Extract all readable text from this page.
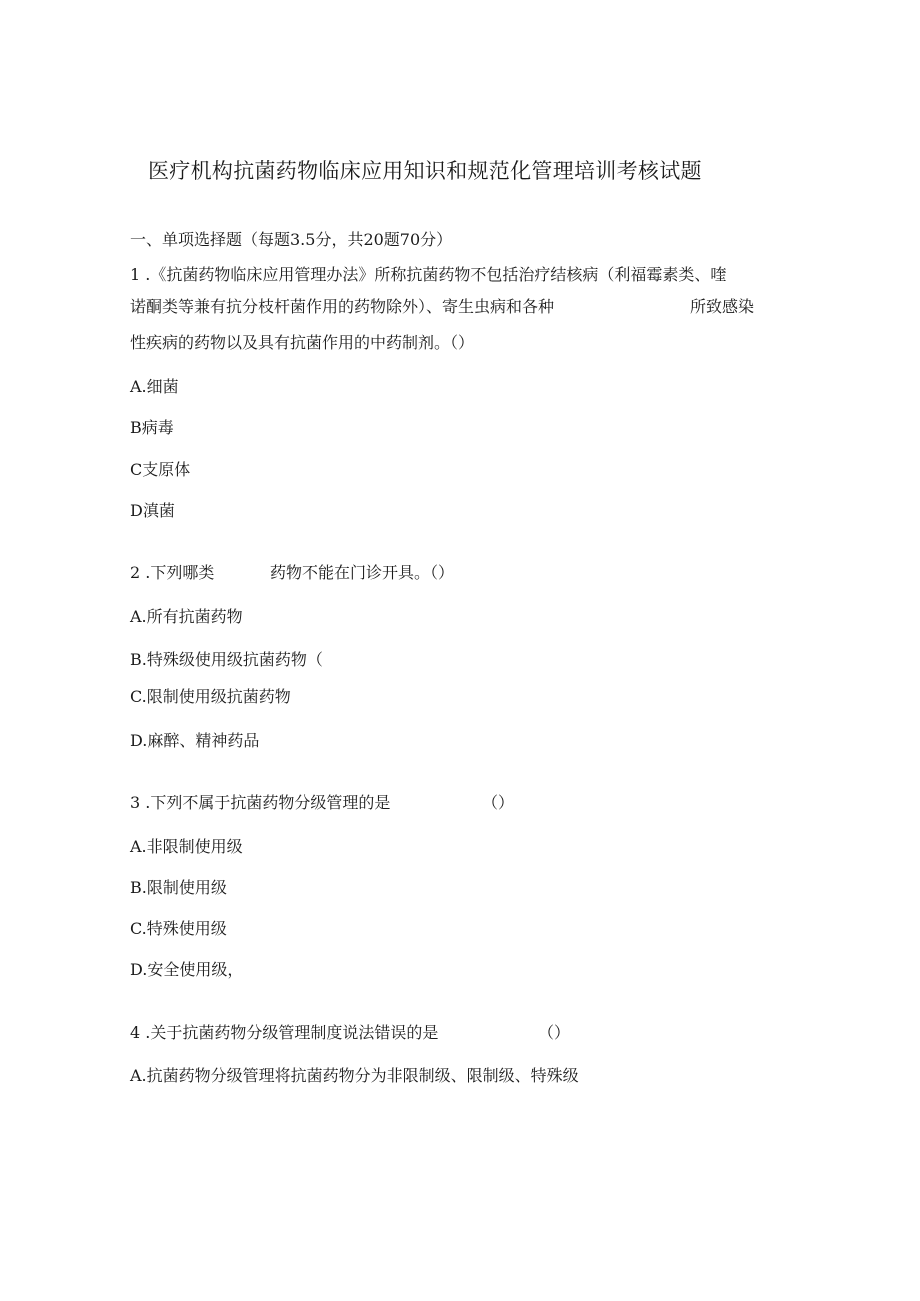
医疗机构抗菌药物临床应用知识和规范化管理培训考核试题
一、单项选择题（每题3.5分，共20题70分）
1 .《抗菌药物临床应用管理办法》所称抗菌药物不包括治疗结核病（利福霉素类、喹
诺酮类等兼有抗分枝杆菌作用的药物除外）、寄生虫病和各种	所致感染
性疾病的药物以及具有抗菌作用的中药制剂。（）
A.细菌
B病毒
C支原体
D滇菌
2 .下列哪类	药物不能在门诊开具。（）
A.所有抗菌药物
B.特殊级使用级抗菌药物（
C.限制使用级抗菌药物
D.麻醉、精神药品
3 .下列不属于抗菌药物分级管理的是	（）
A.非限制使用级
B.限制使用级
C.特殊使用级
D.安全使用级，
4 .关于抗菌药物分级管理制度说法错误的是	（）
A.抗菌药物分级管理将抗菌药物分为非限制级、限制级、特殊级
